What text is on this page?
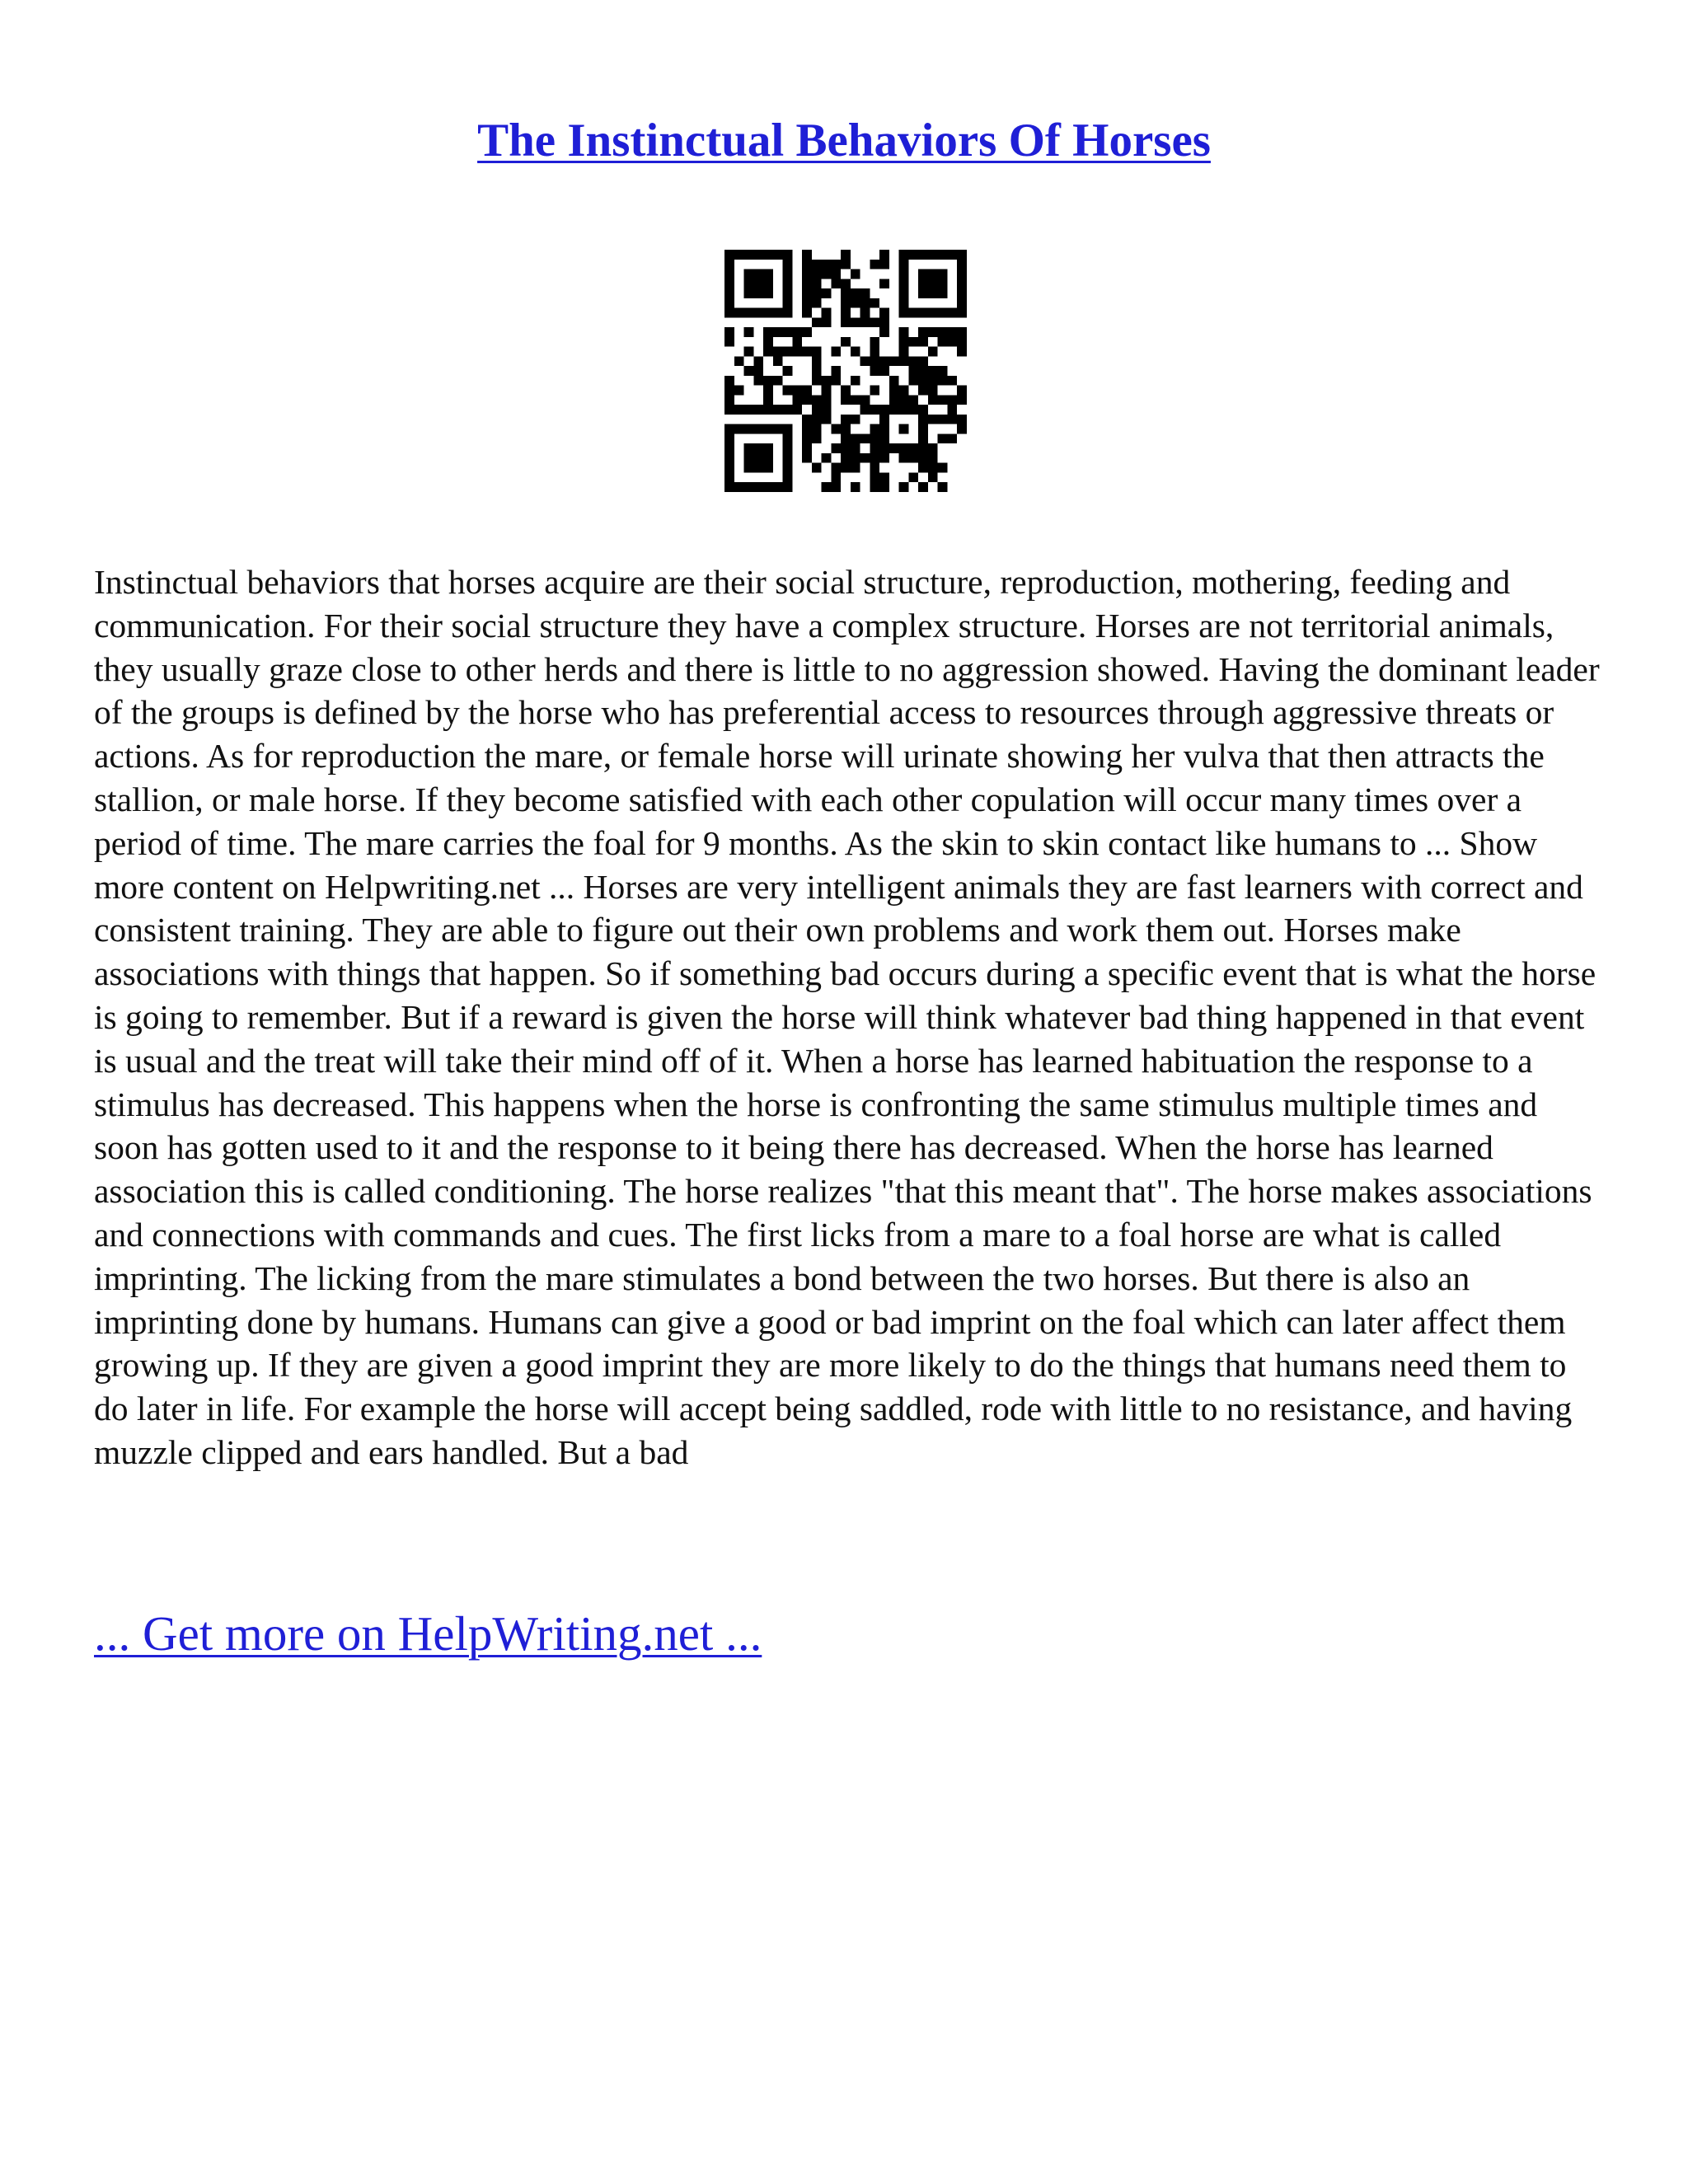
The Instinctual Behaviors Of Horses

Instinctual behaviors that horses acquire are their social structure, reproduction, mothering, feeding and communication. For their social structure they have a complex structure. Horses are not territorial animals, they usually graze close to other herds and there is little to no aggression showed. Having the dominant leader of the groups is defined by the horse who has preferential access to resources through aggressive threats or actions. As for reproduction the mare, or female horse will urinate showing her vulva that then attracts the stallion, or male horse. If they become satisfied with each other copulation will occur many times over a period of time. The mare carries the foal for 9 months. As the skin to skin contact like humans to ... Show more content on Helpwriting.net ... Horses are very intelligent animals they are fast learners with correct and consistent training. They are able to figure out their own problems and work them out. Horses make associations with things that happen. So if something bad occurs during a specific event that is what the horse is going to remember. But if a reward is given the horse will think whatever bad thing happened in that event is usual and the treat will take their mind off of it. When a horse has learned habituation the response to a stimulus has decreased. This happens when the horse is confronting the same stimulus multiple times and soon has gotten used to it and the response to it being there has decreased. When the horse has learned association this is called conditioning. The horse realizes "that this meant that". The horse makes associations and connections with commands and cues. The first licks from a mare to a foal horse are what is called imprinting. The licking from the mare stimulates a bond between the two horses. But there is also an imprinting done by humans. Humans can give a good or bad imprint on the foal which can later affect them growing up. If they are given a good imprint they are more likely to do the things that humans need them to do later in life. For example the horse will accept being saddled, rode with little to no resistance, and having muzzle clipped and ears handled. But a bad

... Get more on HelpWriting.net ...
